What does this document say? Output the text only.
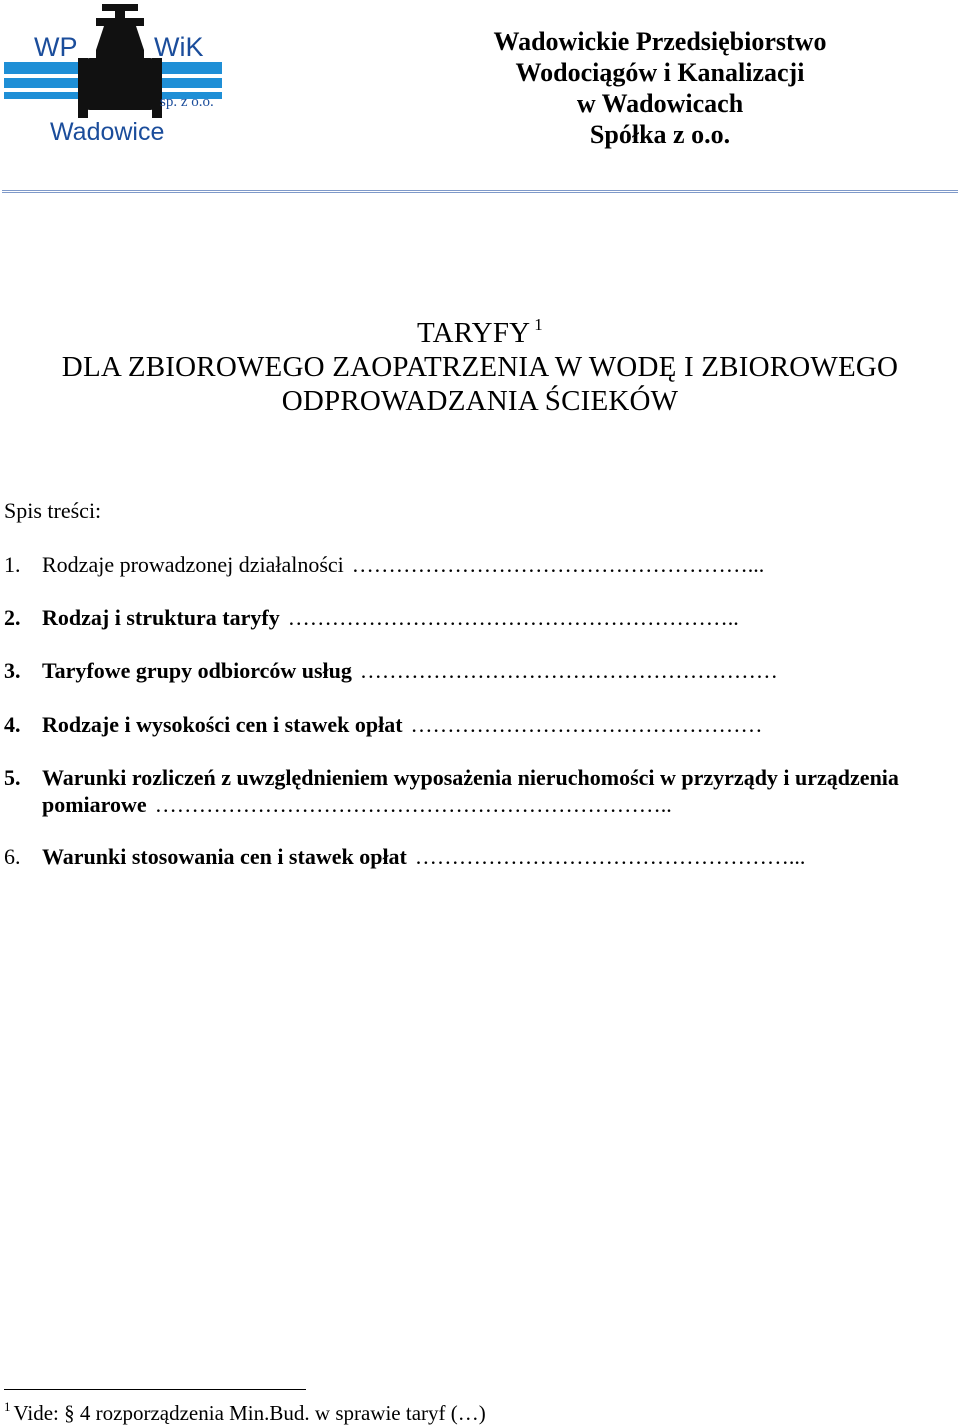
WP	WiK
sp. z o.o.
Wadowice
Wadowickie Przedsiębiorstwo
Wodociągów i Kanalizacji
w Wadowicach
Spółka z o.o.
TARYFY $^1$
DLA ZBIOROWEGO ZAOPATRZENIA W WODĘ I ZBIOROWEGO
ODPROWADZANIA ŚCIEKÓW
Spis treści:
1. Rodzaje prowadzonej działalności ………………………………………………...
2. Rodzaj i struktura taryfy ……………………………………………………..
3. Taryfowe grupy odbiorców usług …………………………………………………
4. Rodzaje i wysokości cen i stawek opłat …………………………………………
5. Warunki rozliczeń z uwzględnieniem wyposażenia nieruchomości w przyrządy i urządzenia
pomiarowe ……………………………………………………………..
6. Warunki stosowania cen i stawek opłat ……………………………………………...
$^1$ Vide: § 4 rozporządzenia Min.Bud. w sprawie taryf (…)
